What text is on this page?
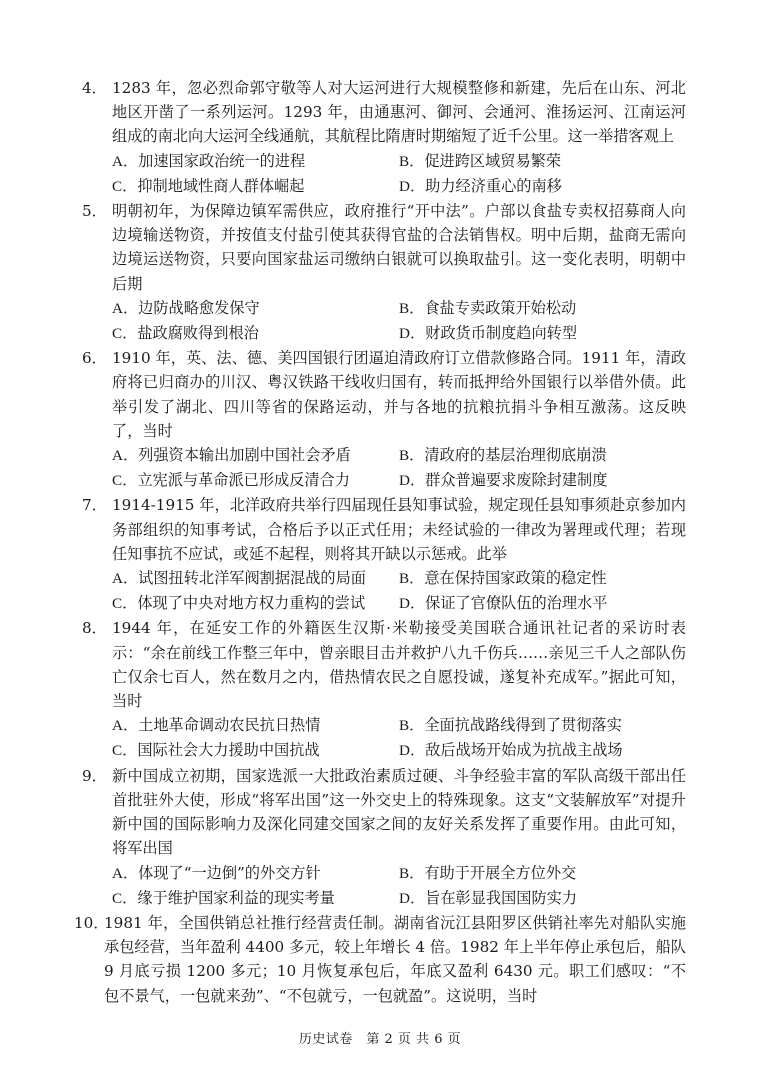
4． 1283 年，忽必烈命郭守敬等人对大运河进行大规模整修和新建，先后在山东、河北地区开凿了一系列运河。1293 年，由通惠河、御河、会通河、淮扬运河、江南运河组成的南北向大运河全线通航，其航程比隋唐时期缩短了近千公里。这一举措客观上
A．加速国家政治统一的进程	B．促进跨区域贸易繁荣
C．抑制地域性商人群体崛起	D．助力经济重心的南移
5． 明朝初年，为保障边镇军需供应，政府推行“开中法”。户部以食盐专卖权招募商人向边境输送物资，并按值支付盐引使其获得官盐的合法销售权。明中后期，盐商无需向边境运送物资，只要向国家盐运司缴纳白银就可以换取盐引。这一变化表明，明朝中后期
A．边防战略愈发保守	B．食盐专卖政策开始松动
C．盐政腐败得到根治	D．财政货币制度趋向转型
6． 1910 年，英、法、德、美四国银行团逼迫清政府订立借款修路合同。1911 年，清政府将已归商办的川汉、粤汉铁路干线收归国有，转而抵押给外国银行以举借外债。此举引发了湖北、四川等省的保路运动，并与各地的抗粮抗捐斗争相互激荡。这反映了，当时
A．列强资本输出加剧中国社会矛盾	B．清政府的基层治理彻底崩溃
C．立宪派与革命派已形成反清合力	D．群众普遍要求废除封建制度
7． 1914-1915 年，北洋政府共举行四届现任县知事试验，规定现任县知事须赴京参加内务部组织的知事考试，合格后予以正式任用；未经试验的一律改为署理或代理；若现任知事抗不应试，或延不起程，则将其开缺以示惩戒。此举
A．试图扭转北洋军阀割据混战的局面	B．意在保持国家政策的稳定性
C．体现了中央对地方权力重构的尝试	D．保证了官僚队伍的治理水平
8． 1944 年，在延安工作的外籍医生汉斯·米勒接受美国联合通讯社记者的采访时表示：“余在前线工作整三年中，曾亲眼目击并救护八九千伤兵……亲见三千人之部队伤亡仅余七百人，然在数月之内，借热情农民之自愿投诚，遂复补充成军。”据此可知，当时
A．土地革命调动农民抗日热情	B．全面抗战路线得到了贯彻落实
C．国际社会大力援助中国抗战	D．敌后战场开始成为抗战主战场
9． 新中国成立初期，国家选派一大批政治素质过硬、斗争经验丰富的军队高级干部出任首批驻外大使，形成“将军出国”这一外交史上的特殊现象。这支“文装解放军”对提升新中国的国际影响力及深化同建交国家之间的友好关系发挥了重要作用。由此可知，将军出国
A．体现了“一边倒”的外交方针	B．有助于开展全方位外交
C．缘于维护国家利益的现实考量	D．旨在彰显我国国防实力
10．
1981 年，全国供销总社推行经营责任制。湖南省沅江县阳罗区供销社率先对船队实施承包经营，当年盈利 4400 多元，较上年增长 4 倍。1982 年上半年停止承包后，船队 9 月底亏损 1200 多元；10 月恢复承包后，年底又盈利 6430 元。职工们感叹：“不包不景气，一包就来劲”、“不包就亏，一包就盈”。这说明，当时
历史试卷　第 2 页 共 6 页
